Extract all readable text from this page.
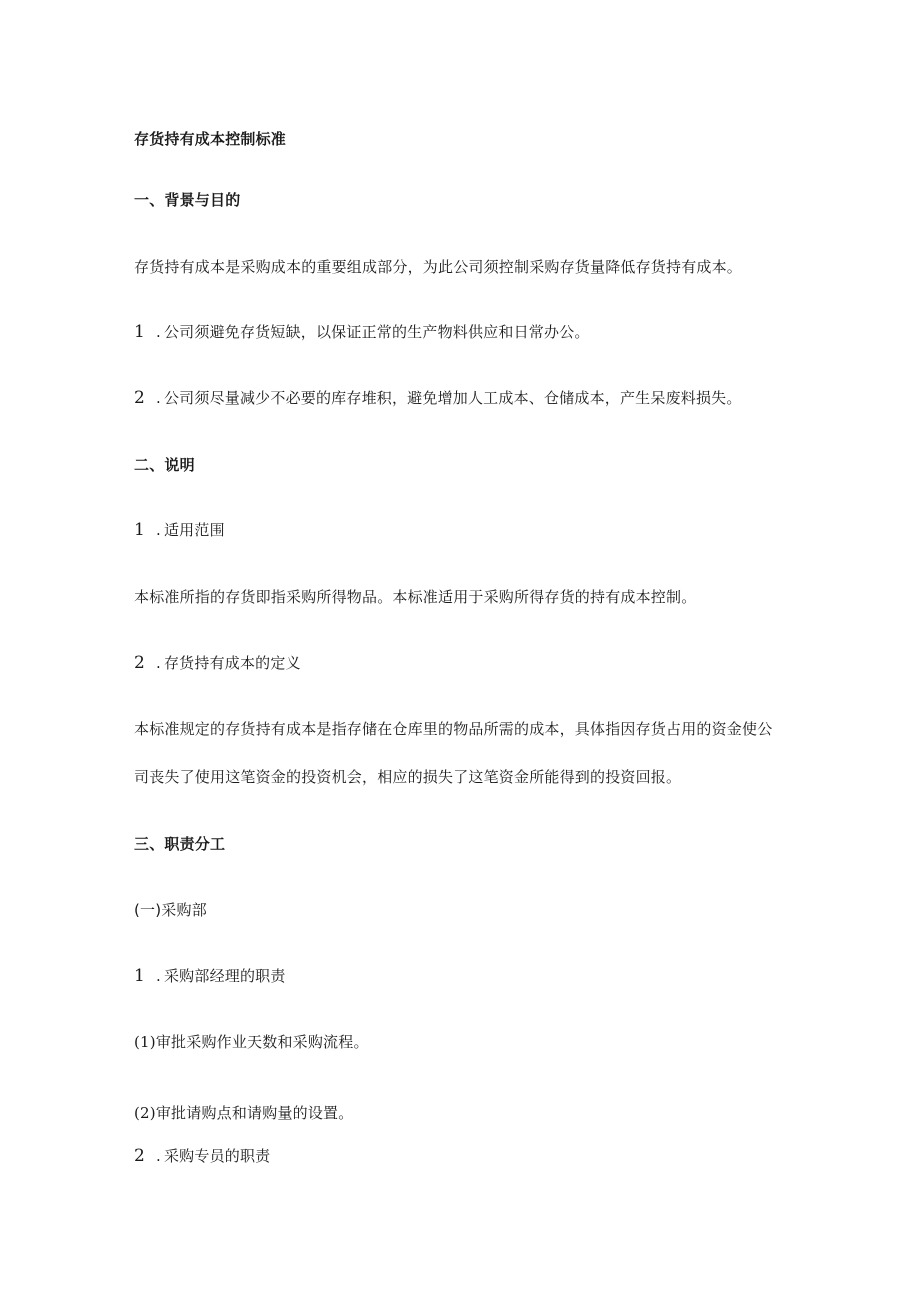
存货持有成本控制标准
一、背景与目的
存货持有成本是采购成本的重要组成部分，为此公司须控制采购存货量降低存货持有成本。
1 . 公司须避免存货短缺，以保证正常的生产物料供应和日常办公。
2 . 公司须尽量减少不必要的库存堆积，避免增加人工成本、仓储成本，产生呆废料损失。
二、说明
1 . 适用范围
本标准所指的存货即指采购所得物品。本标准适用于采购所得存货的持有成本控制。
2 . 存货持有成本的定义
本标准规定的存货持有成本是指存储在仓库里的物品所需的成本，具体指因存货占用的资金使公
司丧失了使用这笔资金的投资机会，相应的损失了这笔资金所能得到的投资回报。
三、职责分工
(一)采购部
1 . 采购部经理的职责
(1)审批采购作业天数和采购流程。
(2)审批请购点和请购量的设置。
2 . 采购专员的职责
